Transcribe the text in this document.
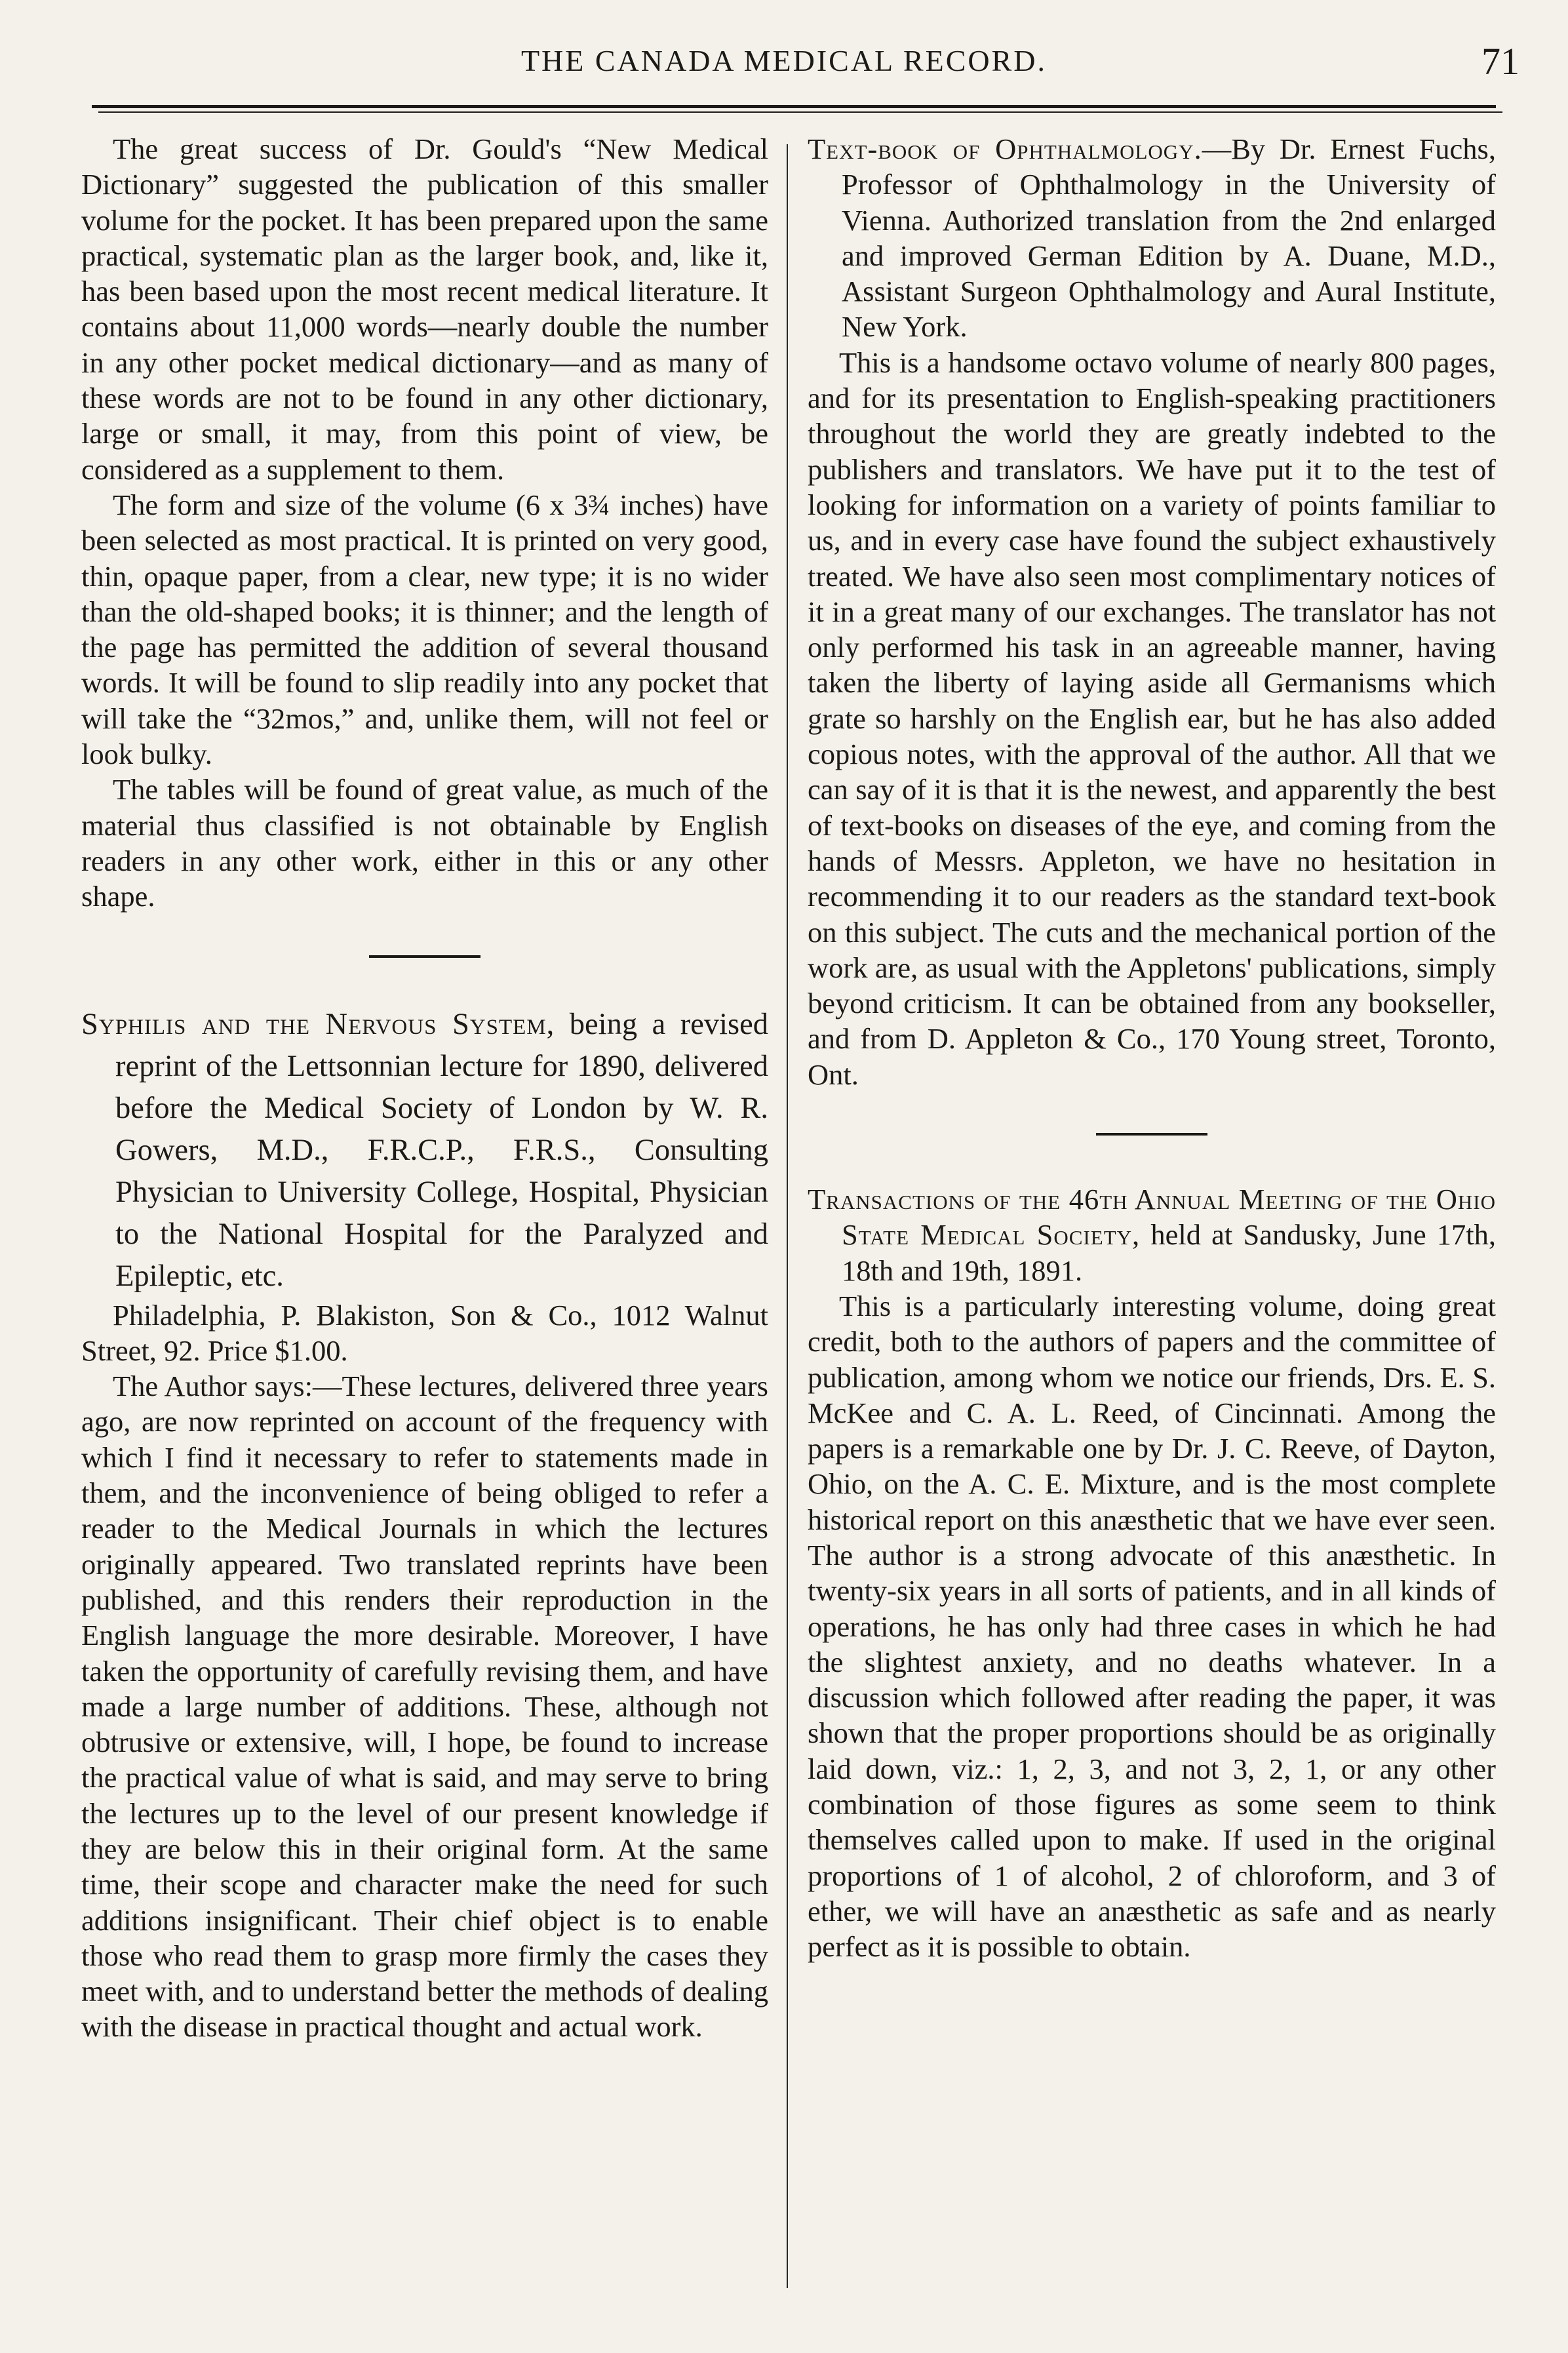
THE CANADA MEDICAL RECORD.	71

The great success of Dr. Gould's “New Medical Dictionary” suggested the publication of this smaller volume for the pocket. It has been prepared upon the same practical, systematic plan as the larger book, and, like it, has been based upon the most recent medical literature. It contains about 11,000 words—nearly double the number in any other pocket medical dictionary—and as many of these words are not to be found in any other dictionary, large or small, it may, from this point of view, be considered as a supplement to them.

The form and size of the volume (6 x 3¾ inches) have been selected as most practical. It is printed on very good, thin, opaque paper, from a clear, new type; it is no wider than the old-shaped books; it is thinner; and the length of the page has permitted the addition of several thousand words. It will be found to slip readily into any pocket that will take the “32mos,” and, unlike them, will not feel or look bulky.

The tables will be found of great value, as much of the material thus classified is not obtainable by English readers in any other work, either in this or any other shape.

Syphilis and the Nervous System, being a revised reprint of the Lettsonnian lecture for 1890, delivered before the Medical Society of London by W. R. Gowers, M.D., F.R.C.P., F.R.S., Consulting Physician to University College, Hospital, Physician to the National Hospital for the Paralyzed and Epileptic, etc.

Philadelphia, P. Blakiston, Son & Co., 1012 Walnut Street, 92. Price $1.00.

The Author says:—These lectures, delivered three years ago, are now reprinted on account of the frequency with which I find it necessary to refer to statements made in them, and the inconvenience of being obliged to refer a reader to the Medical Journals in which the lectures originally appeared. Two translated reprints have been published, and this renders their reproduction in the English language the more desirable. Moreover, I have taken the opportunity of carefully revising them, and have made a large number of additions. These, although not obtrusive or extensive, will, I hope, be found to increase the practical value of what is said, and may serve to bring the lectures up to the level of our present knowledge if they are below this in their original form. At the same time, their scope and character make the need for such additions insignificant. Their chief object is to enable those who read them to grasp more firmly the cases they meet with, and to understand better the methods of dealing with the disease in practical thought and actual work.

Text-book of Ophthalmology.—By Dr. Ernest Fuchs, Professor of Ophthalmology in the University of Vienna. Authorized translation from the 2nd enlarged and improved German Edition by A. Duane, M.D., Assistant Surgeon Ophthalmology and Aural Institute, New York.

This is a handsome octavo volume of nearly 800 pages, and for its presentation to English-speaking practitioners throughout the world they are greatly indebted to the publishers and translators. We have put it to the test of looking for information on a variety of points familiar to us, and in every case have found the subject exhaustively treated. We have also seen most complimentary notices of it in a great many of our exchanges. The translator has not only performed his task in an agreeable manner, having taken the liberty of laying aside all Germanisms which grate so harshly on the English ear, but he has also added copious notes, with the approval of the author. All that we can say of it is that it is the newest, and apparently the best of text-books on diseases of the eye, and coming from the hands of Messrs. Appleton, we have no hesitation in recommending it to our readers as the standard text-book on this subject. The cuts and the mechanical portion of the work are, as usual with the Appletons' publications, simply beyond criticism. It can be obtained from any bookseller, and from D. Appleton & Co., 170 Young street, Toronto, Ont.

Transactions of the 46th Annual Meeting of the Ohio State Medical Society, held at Sandusky, June 17th, 18th and 19th, 1891.

This is a particularly interesting volume, doing great credit, both to the authors of papers and the committee of publication, among whom we notice our friends, Drs. E. S. McKee and C. A. L. Reed, of Cincinnati. Among the papers is a remarkable one by Dr. J. C. Reeve, of Dayton, Ohio, on the A. C. E. Mixture, and is the most complete historical report on this anæsthetic that we have ever seen. The author is a strong advocate of this anæsthetic. In twenty-six years in all sorts of patients, and in all kinds of operations, he has only had three cases in which he had the slightest anxiety, and no deaths whatever. In a discussion which followed after reading the paper, it was shown that the proper proportions should be as originally laid down, viz.: 1, 2, 3, and not 3, 2, 1, or any other combination of those figures as some seem to think themselves called upon to make. If used in the original proportions of 1 of alcohol, 2 of chloroform, and 3 of ether, we will have an anæsthetic as safe and as nearly perfect as it is possible to obtain.
